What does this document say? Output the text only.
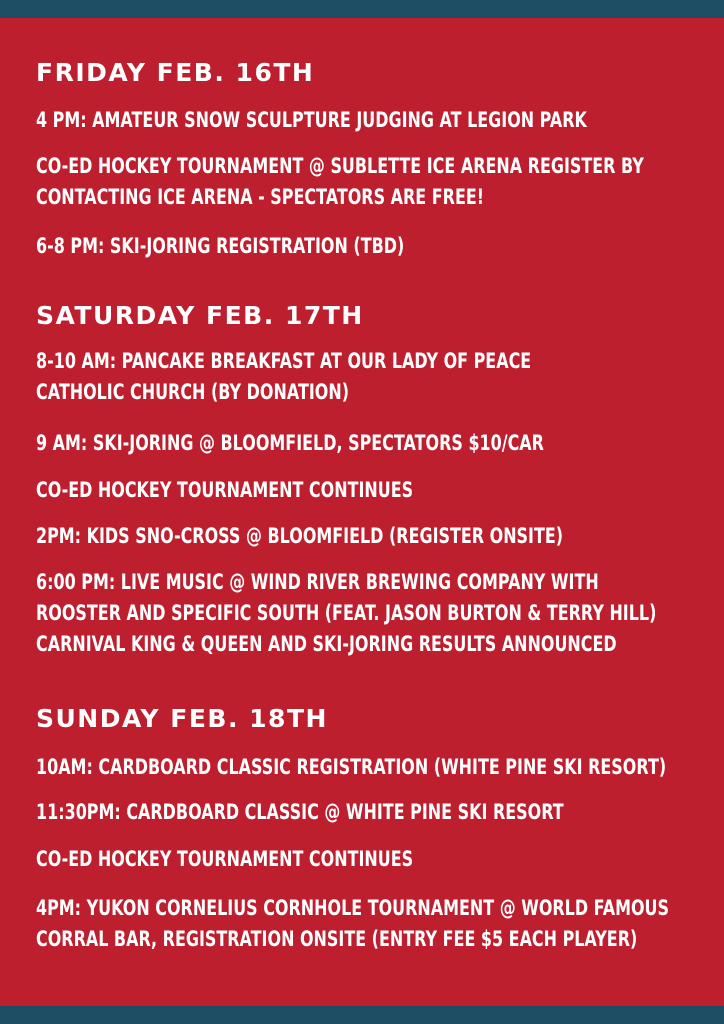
FRIDAY FEB. 16TH

4 PM: AMATEUR SNOW SCULPTURE JUDGING AT LEGION PARK

CO-ED HOCKEY TOURNAMENT @ SUBLETTE ICE ARENA REGISTER BY
CONTACTING ICE ARENA - SPECTATORS ARE FREE!

6-8 PM: SKI-JORING REGISTRATION (TBD)

SATURDAY FEB. 17TH

8-10 AM: PANCAKE BREAKFAST AT OUR LADY OF PEACE
CATHOLIC CHURCH (BY DONATION)

9 AM: SKI-JORING @ BLOOMFIELD, SPECTATORS $10/CAR

CO-ED HOCKEY TOURNAMENT CONTINUES

2PM: KIDS SNO-CROSS @ BLOOMFIELD (REGISTER ONSITE)

6:00 PM: LIVE MUSIC @ WIND RIVER BREWING COMPANY WITH
ROOSTER AND SPECIFIC SOUTH (FEAT. JASON BURTON & TERRY HILL)
CARNIVAL KING & QUEEN AND SKI-JORING RESULTS ANNOUNCED

SUNDAY FEB. 18TH

10AM: CARDBOARD CLASSIC REGISTRATION (WHITE PINE SKI RESORT)

11:30PM: CARDBOARD CLASSIC @ WHITE PINE SKI RESORT

CO-ED HOCKEY TOURNAMENT CONTINUES

4PM: YUKON CORNELIUS CORNHOLE TOURNAMENT @ WORLD FAMOUS
CORRAL BAR, REGISTRATION ONSITE (ENTRY FEE $5 EACH PLAYER)
